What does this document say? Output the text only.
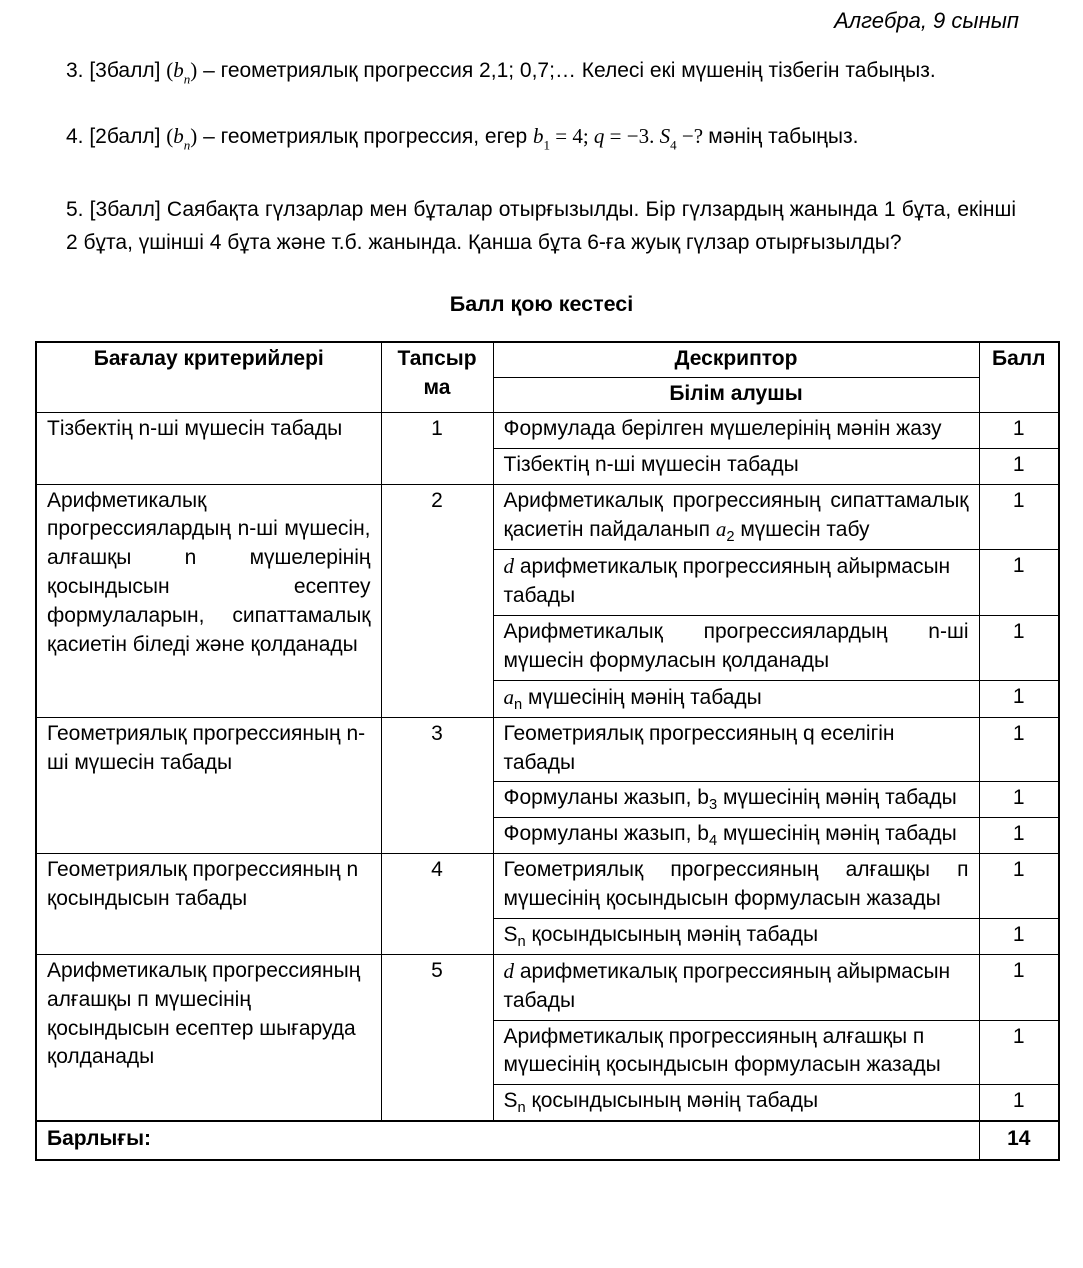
Алгебра, 9 сынып

3. [3балл] $(b_n)$ – геометриялық прогрессия 2,1; 0,7;… Келесі екі мүшенің тізбегін табыңыз.

4. [2балл] $(b_n)$ – геометриялық прогрессия, егер $b_1 = 4$; q = −3. $S_4$ −? мәнің табыңыз.

5. [3балл] Саябақта гүлзарлар мен бұталар отырғызылды. Бір гүлзардың жанында 1 бұта, екінші 2 бұта, үшінші 4 бұта және т.б. жанында. Қанша бұта 6-ға жуық гүлзар отырғызылды?

Балл қою кестесі
Бағалау критерийлері	Тапсырма	Дескриптор	Балл
		Білім алушы	
Тізбектің n-ші мүшесін табады	1	Формулада берілген мүшелерінің мәнін жазу	1
		Тізбектің n-ші мүшесін табады	1
Арифметикалық прогрессиялардың n-ші мүшесін, алғашқы n мүшелерінің қосындысын есептеу формулаларын, сипаттамалық қасиетін біледі және қолданады	2	Арифметикалық прогрессияның сипаттамалық қасиетін пайдаланып $a_2$ мүшесін табу	1
		d арифметикалық прогрессияның айырмасын табады	1
		Арифметикалық прогрессиялардың n-ші мүшесін формуласын қолданады	1
		$a_n$ мүшесінің мәнің табады	1
Геометриялық прогрессияның n-ші мүшесін табады	3	Геометриялық прогрессияның q еселігін табады	1
		Формуланы жазып, $b_3$ мүшесінің мәнің табады	1
		Формуланы жазып, $b_4$ мүшесінің мәнің табады	1
Геометриялық прогрессияның n қосындысын табады	4	Геометриялық прогрессияның алғашқы п мүшесінің қосындысын формуласын жазады	1
		$S_n$ қосындысының мәнің табады	1
Арифметикалық прогрессияның алғашқы п мүшесінің қосындысын есептер шығаруда қолданады	5	d арифметикалық прогрессияның айырмасын табады	1
		Арифметикалық прогрессияның алғашқы п мүшесінің қосындысын формуласын жазады	1
		$S_n$ қосындысының мәнің табады	1
Барлығы:			14
